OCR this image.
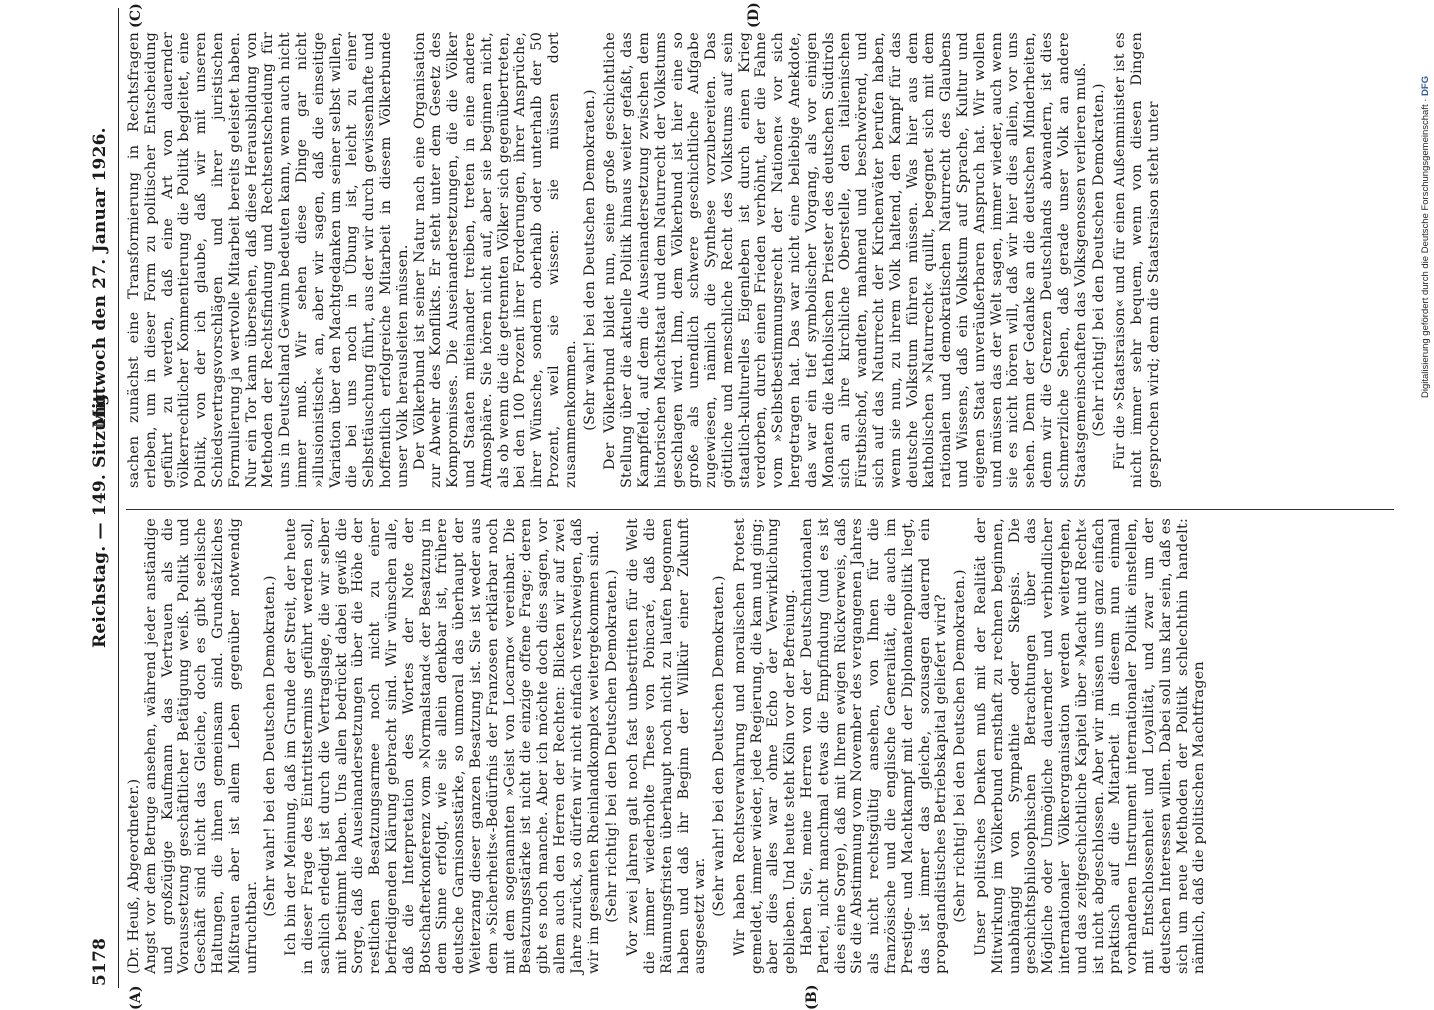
5178
Reichstag. — 149. Sitzung.
Mittwoch den 27. Januar 1926.
(A)	(B)
(C)	(D)

(Dr. Heuß, Abgeordneter.) Angst vor dem Betruge ansehen, während jeder anständige und großzügige Kaufmann das Vertrauen als die Voraussetzung geschäftlicher Betätigung weiß. Politik und Geschäft sind nicht das Gleiche, doch es gibt seelische Haltungen, die ihnen gemeinsam sind. Grundsätzliches Mißtrauen aber ist allem Leben gegenüber notwendig unfruchtbar.

(Sehr wahr! bei den Deutschen Demokraten.) Ich bin der Meinung, daß im Grunde der Streit, der heute in dieser Frage des Eintrittstermins geführt werden soll, sachlich erledigt ist durch die Vertragslage, die wir selber mit bestimmt haben. Uns allen bedrückt dabei gewiß die Sorge, daß die Auseinandersetzungen über die Höhe der restlichen Besatzungsarmee noch nicht zu einer befriedigenden Klärung gebracht sind. Wir wünschen alle, daß die Interpretation des Wortes der Note der Botschafterkonferenz vom »Normalstand« der Besatzung in dem Sinne erfolgt, wie sie allein denkbar ist, frühere deutsche Garnisonsstärke, so unmoral das überhaupt der Weiterzang dieser ganzen Besatzung ist. Sie ist weder aus dem »Sicherheits«-Bedürfnis der Franzosen erklärbar noch mit dem sogenannten »Geist von Locarno« vereinbar. Die Besatzungsstärke ist nicht die einzige offene Frage; deren gibt es noch manche. Aber ich möchte doch dies sagen, vor allem auch den Herren der Rechten: Blicken wir auf zwei Jahre zurück, so dürfen wir nicht einfach verschweigen, daß wir im gesamten Rheinlandkomplex weitergekommen sind. (Sehr richtig! bei den Deutschen Demokraten.) Vor zwei Jahren galt noch fast unbestritten für die Welt die immer wiederholte These von Poincaré, daß die Räumungsfristen überhaupt noch nicht zu laufen begonnen haben und daß ihr Beginn der Willkür einer Zukunft ausgesetzt war. (Sehr wahr! bei den Deutschen Demokraten.) Wir haben Rechtsverwahrung und moralischen Protest gemeldet, immer wieder, jede Regierung, die kam und ging; aber dies alles war ohne Echo der Verwirklichung geblieben. Und heute steht Köln vor der Befreiung. Haben Sie, meine Herren von der Deutschnationalen Partei, nicht manchmal etwas die Empfindung (und es ist dies eine Sorge), daß mit Ihrem ewigen Rückverweis, daß Sie die Abstimmung vom November des vergangenen Jahres als nicht rechtsgültig ansehen, von Ihnen für die französische und die englische Generalität, die auch im Prestige- und Machtkampf mit der Diplomatenpolitik liegt, das ist immer das gleiche, sozusagen dauernd ein propagandistisches Betriebskapital geliefert wird? (Sehr richtig! bei den Deutschen Demokraten.) Unser politisches Denken muß mit der Realität der Mitwirkung im Völkerbund ernsthaft zu rechnen beginnen, unabhängig von Sympathie oder Skepsis. Die geschichtsphilosophischen Betrachtungen über das Mögliche oder Unmögliche dauernder und verbindlicher internationaler Völkerorganisation werden weitergehen, und das zeitgeschichtliche Kapitel über »Macht und Recht« ist nicht abgeschlossen. Aber wir müssen uns ganz einfach praktisch auf die Mitarbeit in diesem nun einmal vorhandenen Instrument internationaler Politik einstellen, mit Entschlossenheit und Loyalität, und zwar um der deutschen Interessen willen. Dabei soll uns klar sein, daß es sich um neue Methoden der Politik schlechthin handelt: nämlich, daß die politischen Machtfragen

sachen zunächst eine Transformierung in Rechtsfragen erleben, um in dieser Form zu politischer Entscheidung geführt zu werden, daß eine Art von dauernder völkerrechtlicher Kommentierung die Politik begleitet, eine Politik, von der ich glaube, daß wir mit unseren Schiedsvertragsvorschlägen und ihrer juristischen Formulierung ja wertvolle Mitarbeit bereits geleistet haben. Nur ein Tor kann übersehen, daß diese Herausbildung von Methoden der Rechtsfindung und Rechtsentscheidung für uns in Deutschland Gewinn bedeuten kann, wenn auch nicht immer muß. Wir sehen diese Dinge gar nicht »illusionistisch« an, aber wir sagen, daß die einseitige Variation über den Machtgedanken um seiner selbst willen, die bei uns noch in Übung ist, leicht zu einer Selbsttäuschung führt, aus der wir durch gewissenhafte und hoffentlich erfolgreiche Mitarbeit in diesem Völkerbunde unser Volk herausleiten müssen. Der Völkerbund ist seiner Natur nach eine Organisation zur Abwehr des Konflikts. Er steht unter dem Gesetz des Kompromisses. Die Auseinandersetzungen, die die Völker und Staaten miteinander treiben, treten in eine andere Atmosphäre. Sie hören nicht auf, aber sie beginnen nicht, als ob wenn die die getrennten Völker sich gegenübertreten, bei den 100 Prozent ihrer Forderungen, ihrer Ansprüche, ihrer Wünsche, sondern oberhalb oder unterhalb der 50 Prozent, weil sie wissen: sie müssen dort zusammenkommen. (Sehr wahr! bei den Deutschen Demokraten.) Der Völkerbund bildet nun, seine große geschichtliche Stellung über die aktuelle Politik hinaus weiter gefaßt, das Kampffeld, auf dem die Auseinandersetzung zwischen dem historischen Machtstaat und dem Naturrecht der Volkstums geschlagen wird. Ihm, dem Völkerbund ist hier eine so große als unendlich schwere geschichtliche Aufgabe zugewiesen, nämlich die Synthese vorzubereiten. Das göttliche und menschliche Recht des Volkstums auf sein staatlich-kulturelles Eigenleben ist durch einen Krieg verdorben, durch einen Frieden verhöhnt, der die Fahne vom »Selbstbestimmungsrecht der Nationen« vor sich hergetragen hat. Das war nicht eine beliebige Anekdote, das war ein tief symbolischer Vorgang, als vor einigen Monaten die katholischen Priester des deutschen Südtirols sich an ihre kirchliche Oberstelle, den italienischen Fürstbischof, wandten, mahnend und beschwörend, und sich auf das Naturrecht der Kirchenväter berufen haben, wenn sie nun, zu ihrem Volk haltend, den Kampf für das deutsche Volkstum führen müssen. Was hier aus dem katholischen »Naturrecht« quillt, begegnet sich mit dem rationalen und demokratischen Naturrecht des Glaubens und Wissens, daß ein Volkstum auf Sprache, Kultur und eigenen Staat unveräußerbaren Anspruch hat. Wir wollen und müssen das der Welt sagen, immer wieder, auch wenn sie es nicht hören will, daß wir hier dies allein, vor uns sehen. Denn der Gedanke an die deutschen Minderheiten, denn wir die Grenzen Deutschlands abwandern, ist dies schmerzliche Sehen, daß gerade unser Volk an andere Staatsgemeinschaften das Volksgenossen verlieren muß. (Sehr richtig! bei den Deutschen Demokraten.) Für die »Staatsraison« und für einen Außenminister ist es nicht immer sehr bequem, wenn von diesen Dingen gesprochen wird; denn die Staatsraison steht unter	Digitalisierung gefördert durch die Deutsche Forschungsgemeinschaft · DFG
